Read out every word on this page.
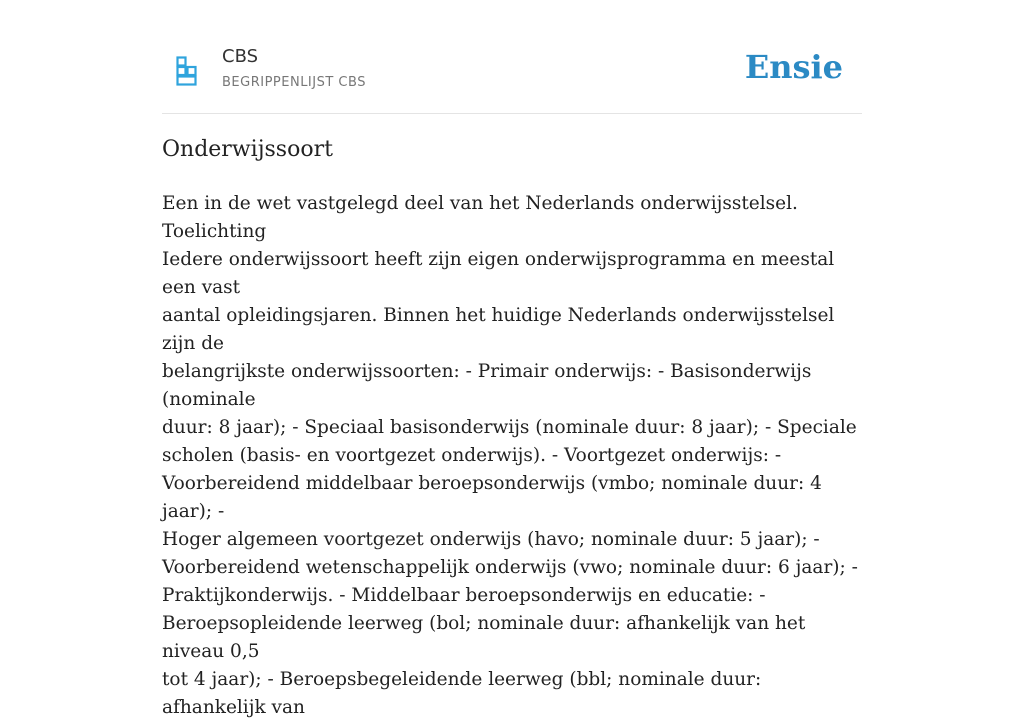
CBS
BEGRIPPENLIJST CBS	Ensie
Onderwijssoort
Een in de wet vastgelegd deel van het Nederlands onderwijsstelsel. Toelichting
Iedere onderwijssoort heeft zijn eigen onderwijsprogramma en meestal een vast
aantal opleidingsjaren. Binnen het huidige Nederlands onderwijsstelsel zijn de
belangrijkste onderwijssoorten: - Primair onderwijs: - Basisonderwijs (nominale
duur: 8 jaar); - Speciaal basisonderwijs (nominale duur: 8 jaar); - Speciale
scholen (basis- en voortgezet onderwijs). - Voortgezet onderwijs: -
Voorbereidend middelbaar beroepsonderwijs (vmbo; nominale duur: 4 jaar); -
Hoger algemeen voortgezet onderwijs (havo; nominale duur: 5 jaar); -
Voorbereidend wetenschappelijk onderwijs (vwo; nominale duur: 6 jaar); -
Praktijkonderwijs. - Middelbaar beroepsonderwijs en educatie: -
Beroepsopleidende leerweg (bol; nominale duur: afhankelijk van het niveau 0,5
tot 4 jaar); - Beroepsbegeleidende leerweg (bbl; nominale duur: afhankelijk van
